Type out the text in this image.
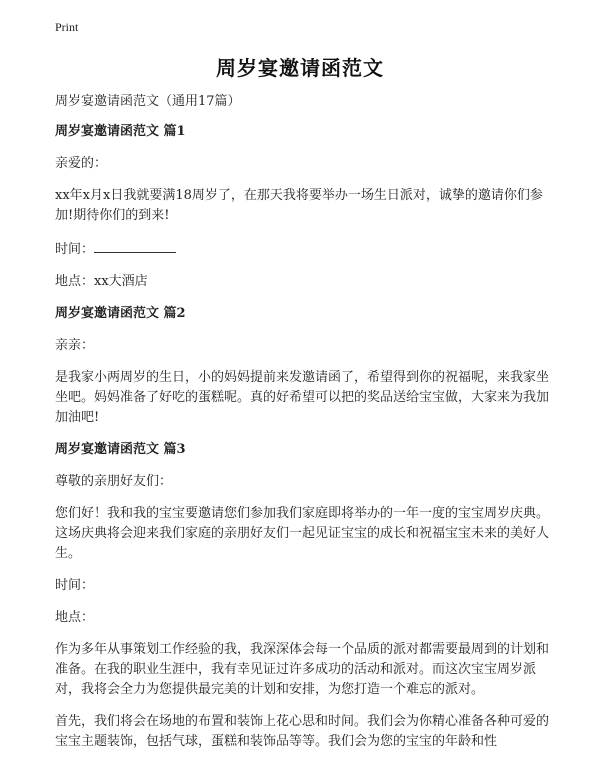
Print
周岁宴邀请函范文

周岁宴邀请函范文（通用17篇）

周岁宴邀请函范文 篇1

亲爱的：

xx年x月x日我就要满18周岁了，在那天我将要举办一场生日派对，诚挚的邀请你们参加!期待你们的到来!

时间：

地点：xx大酒店

周岁宴邀请函范文 篇2

亲亲：

是我家小两周岁的生日，小的妈妈提前来发邀请函了，希望得到你的祝福呢，来我家坐坐吧。妈妈准备了好吃的蛋糕呢。真的好希望可以把的奖品送给宝宝做，大家来为我加加油吧!

周岁宴邀请函范文 篇3

尊敬的亲朋好友们：

您们好！我和我的宝宝要邀请您们参加我们家庭即将举办的一年一度的宝宝周岁庆典。这场庆典将会迎来我们家庭的亲朋好友们一起见证宝宝的成长和祝福宝宝未来的美好人生。

时间：

地点：

作为多年从事策划工作经验的我，我深深体会每一个品质的派对都需要最周到的计划和准备。在我的职业生涯中，我有幸见证过许多成功的活动和派对。而这次宝宝周岁派对，我将会全力为您提供最完美的计划和安排，为您打造一个难忘的派对。

首先，我们将会在场地的布置和装饰上花心思和时间。我们会为你精心准备各种可爱的宝宝主题装饰，包括气球，蛋糕和装饰品等等。我们会为您的宝宝的年龄和性
